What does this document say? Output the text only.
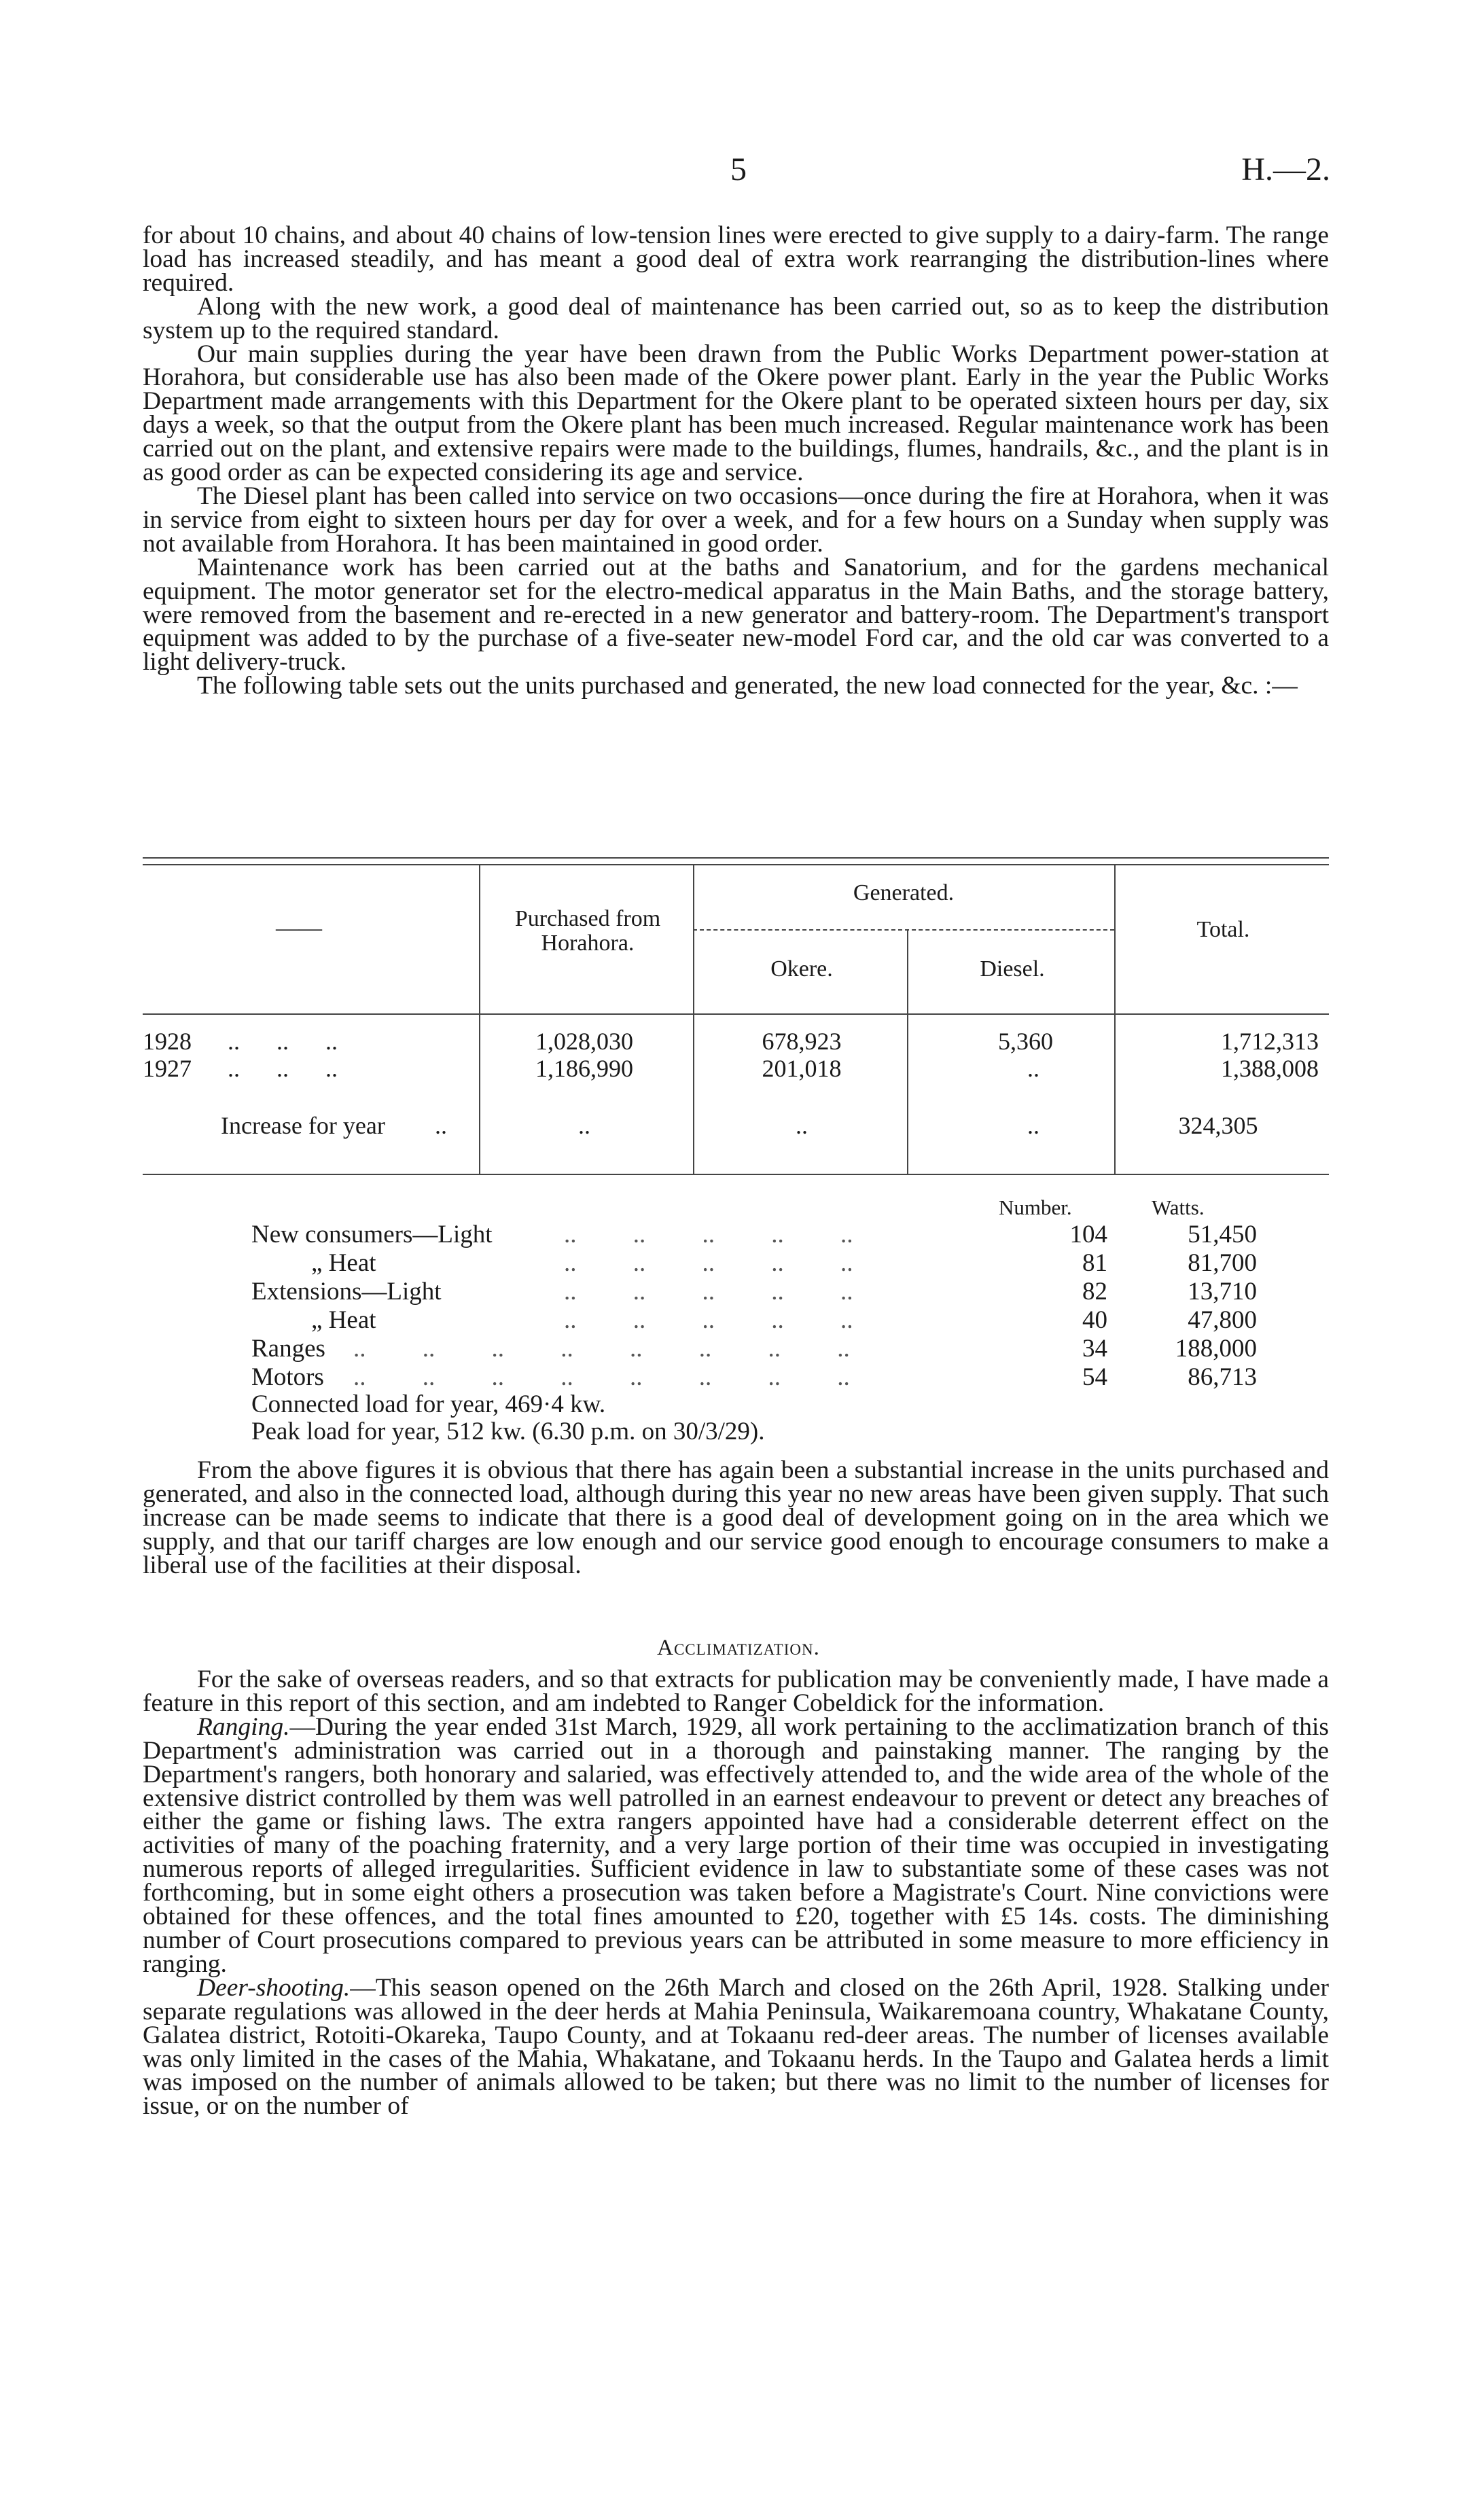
5	H.—2.

for about 10 chains, and about 40 chains of low-tension lines were erected to give supply to a dairy-farm. The range load has increased steadily, and has meant a good deal of extra work rearranging the distribution-lines where required.

Along with the new work, a good deal of maintenance has been carried out, so as to keep the distribution system up to the required standard.

Our main supplies during the year have been drawn from the Public Works Department power-station at Horahora, but considerable use has also been made of the Okere power plant. Early in the year the Public Works Department made arrangements with this Department for the Okere plant to be operated sixteen hours per day, six days a week, so that the output from the Okere plant has been much increased. Regular maintenance work has been carried out on the plant, and extensive repairs were made to the buildings, flumes, handrails, &c., and the plant is in as good order as can be expected considering its age and service.

The Diesel plant has been called into service on two occasions—once during the fire at Horahora, when it was in service from eight to sixteen hours per day for over a week, and for a few hours on a Sunday when supply was not available from Horahora. It has been maintained in good order.

Maintenance work has been carried out at the baths and Sanatorium, and for the gardens mechanical equipment. The motor generator set for the electro-medical apparatus in the Main Baths, and the storage battery, were removed from the basement and re-erected in a new generator and battery-room. The Department's transport equipment was added to by the purchase of a five-seater new-model Ford car, and the old car was converted to a light delivery-truck.

The following table sets out the units purchased and generated, the new load connected for the year, &c. :—

——	Purchased from Horahora.
Generated.
Okere.	Diesel.
Total.
1928 ..      ..      ..	1,028,030	678,923	5,360	1,712,313
1927 ..      ..      ..	1,186,990	201,018	..	1,388,008
Increase for year ..	..	..	..	324,305
Number.	Watts.
New consumers—Light	..         ..         ..         ..         ..	104	51,450
„ Heat	..         ..         ..         ..         ..	81	81,700
Extensions—Light	..         ..         ..         ..         ..	82	13,710
„ Heat	..         ..         ..         ..         ..	40	47,800
Ranges ..         ..         ..         ..         ..         ..         ..         ..	34	188,000
Motors ..         ..         ..         ..         ..         ..         ..         ..	54	86,713
Connected load for year, 469·4 kw.
Peak load for year, 512 kw. (6.30 p.m. on 30/3/29).

From the above figures it is obvious that there has again been a substantial increase in the units purchased and generated, and also in the connected load, although during this year no new areas have been given supply. That such increase can be made seems to indicate that there is a good deal of development going on in the area which we supply, and that our tariff charges are low enough and our service good enough to encourage consumers to make a liberal use of the facilities at their disposal.

Acclimatization.

For the sake of overseas readers, and so that extracts for publication may be conveniently made, I have made a feature in this report of this section, and am indebted to Ranger Cobeldick for the information.

Ranging.—During the year ended 31st March, 1929, all work pertaining to the acclimatization branch of this Department's administration was carried out in a thorough and painstaking manner. The ranging by the Department's rangers, both honorary and salaried, was effectively attended to, and the wide area of the whole of the extensive district controlled by them was well patrolled in an earnest endeavour to prevent or detect any breaches of either the game or fishing laws. The extra rangers appointed have had a considerable deterrent effect on the activities of many of the poaching fraternity, and a very large portion of their time was occupied in investigating numerous reports of alleged irregularities. Sufficient evidence in law to substantiate some of these cases was not forthcoming, but in some eight others a prosecution was taken before a Magistrate's Court. Nine convictions were obtained for these offences, and the total fines amounted to £20, together with £5 14s. costs. The diminishing number of Court prosecutions compared to previous years can be attributed in some measure to more efficiency in ranging.

Deer-shooting.—This season opened on the 26th March and closed on the 26th April, 1928. Stalking under separate regulations was allowed in the deer herds at Mahia Peninsula, Waikaremoana country, Whakatane County, Galatea district, Rotoiti-Okareka, Taupo County, and at Tokaanu red-deer areas. The number of licenses available was only limited in the cases of the Mahia, Whakatane, and Tokaanu herds. In the Taupo and Galatea herds a limit was imposed on the number of animals allowed to be taken; but there was no limit to the number of licenses for issue, or on the number of
